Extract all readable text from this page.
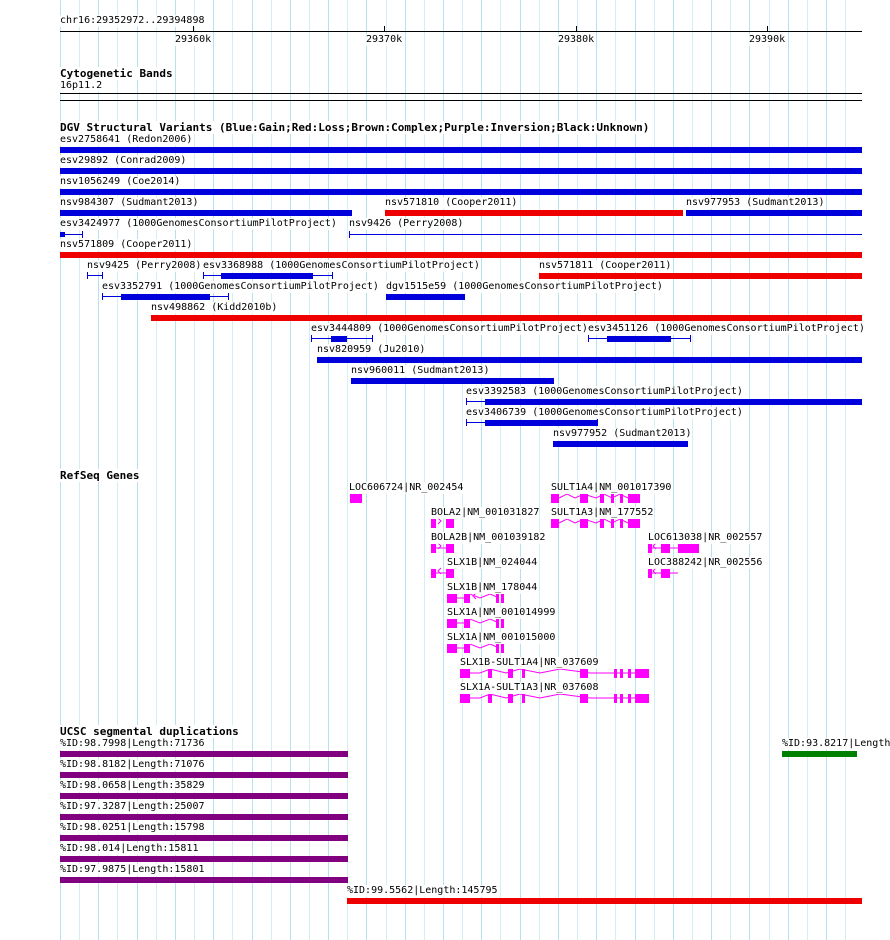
chr16:29352972..29394898
29360k	29370k	29380k	29390k
Cytogenetic Bands
16p11.2
DGV Structural Variants (Blue:Gain;Red:Loss;Brown:Complex;Purple:Inversion;Black:Unknown)
esv2758641 (Redon2006)
esv29892 (Conrad2009)
nsv1056249 (Coe2014)
nsv984307 (Sudmant2013)	nsv571810 (Cooper2011)	nsv977953 (Sudmant2013)
esv3424977 (1000GenomesConsortiumPilotProject) nsv9426 (Perry2008)
nsv571809 (Cooper2011)
nsv9425 (Perry2008) esv3368988 (1000GenomesConsortiumPilotProject)	nsv571811 (Cooper2011)
esv3352791 (1000GenomesConsortiumPilotProject) dgv1515e59 (1000GenomesConsortiumPilotProject)
nsv498862 (Kidd2010b)
esv3444809 (1000GenomesConsortiumPilotProject) esv3451126 (1000GenomesConsortiumPilotProject)
nsv820959 (Ju2010)
nsv960011 (Sudmant2013)
esv3392583 (1000GenomesConsortiumPilotProject)
esv3406739 (1000GenomesConsortiumPilotProject)
nsv977952 (Sudmant2013)
RefSeq Genes
LOC606724|NR_002454	SULT1A4|NM_001017390
BOLA2|NM_001031827 SULT1A3|NM_177552
BOLA2B|NM_001039182	LOC613038|NR_002557
SLX1B|NM_024044	LOC388242|NR_002556
SLX1B|NM_178044
SLX1A|NM_001014999
SLX1A|NM_001015000
SLX1B-SULT1A4|NR_037609
SLX1A-SULT1A3|NR_037608
UCSC segmental duplications
%ID:98.7998|Length:71736	%ID:93.8217|Length
%ID:98.8182|Length:71076
%ID:98.0658|Length:35829
%ID:97.3287|Length:25007
%ID:98.0251|Length:15798
%ID:98.014|Length:15811
%ID:97.9875|Length:15801
%ID:99.5562|Length:145795
